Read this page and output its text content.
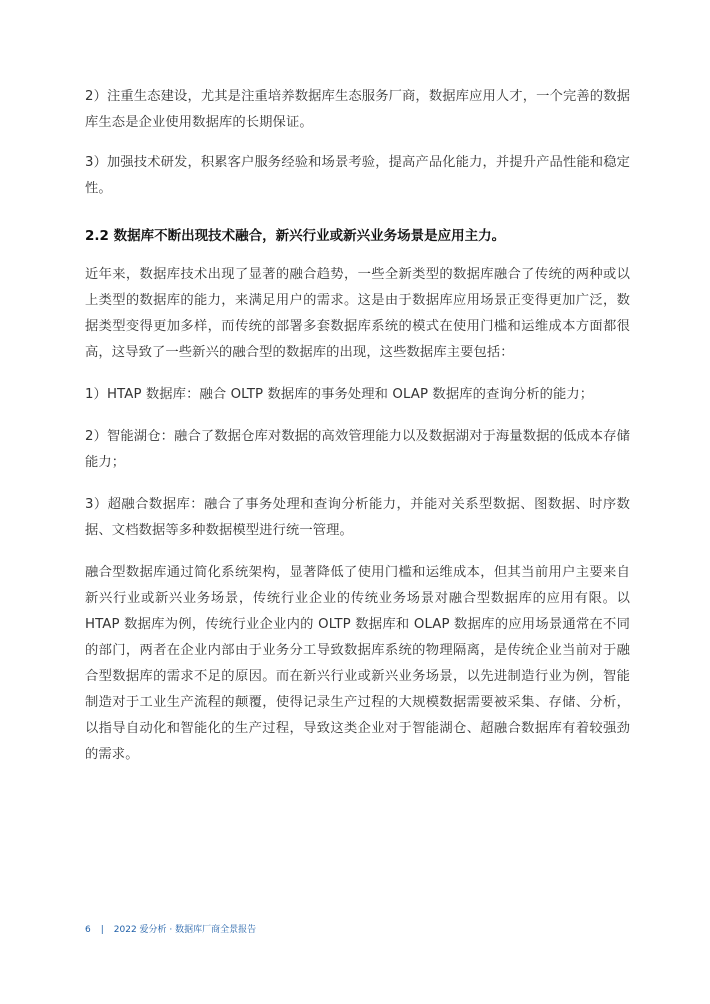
2）注重生态建设，尤其是注重培养数据库生态服务厂商，数据库应用人才，一个完善的数据库生态是企业使用数据库的长期保证。

3）加强技术研发，积累客户服务经验和场景考验，提高产品化能力，并提升产品性能和稳定性。

2.2 数据库不断出现技术融合，新兴行业或新兴业务场景是应用主力。

近年来，数据库技术出现了显著的融合趋势，一些全新类型的数据库融合了传统的两种或以上类型的数据库的能力，来满足用户的需求。这是由于数据库应用场景正变得更加广泛，数据类型变得更加多样，而传统的部署多套数据库系统的模式在使用门槛和运维成本方面都很高，这导致了一些新兴的融合型的数据库的出现，这些数据库主要包括：

1）HTAP 数据库：融合 OLTP 数据库的事务处理和 OLAP 数据库的查询分析的能力；

2）智能湖仓：融合了数据仓库对数据的高效管理能力以及数据湖对于海量数据的低成本存储能力；

3）超融合数据库：融合了事务处理和查询分析能力，并能对关系型数据、图数据、时序数据、文档数据等多种数据模型进行统一管理。

融合型数据库通过简化系统架构，显著降低了使用门槛和运维成本，但其当前用户主要来自新兴行业或新兴业务场景，传统行业企业的传统业务场景对融合型数据库的应用有限。以 HTAP 数据库为例，传统行业企业内的 OLTP 数据库和 OLAP 数据库的应用场景通常在不同的部门，两者在企业内部由于业务分工导致数据库系统的物理隔离，是传统企业当前对于融合型数据库的需求不足的原因。而在新兴行业或新兴业务场景，以先进制造行业为例，智能制造对于工业生产流程的颠覆，使得记录生产过程的大规模数据需要被采集、存储、分析，以指导自动化和智能化的生产过程，导致这类企业对于智能湖仓、超融合数据库有着较强劲的需求。

6 | 2022 爱分析 · 数据库厂商全景报告
